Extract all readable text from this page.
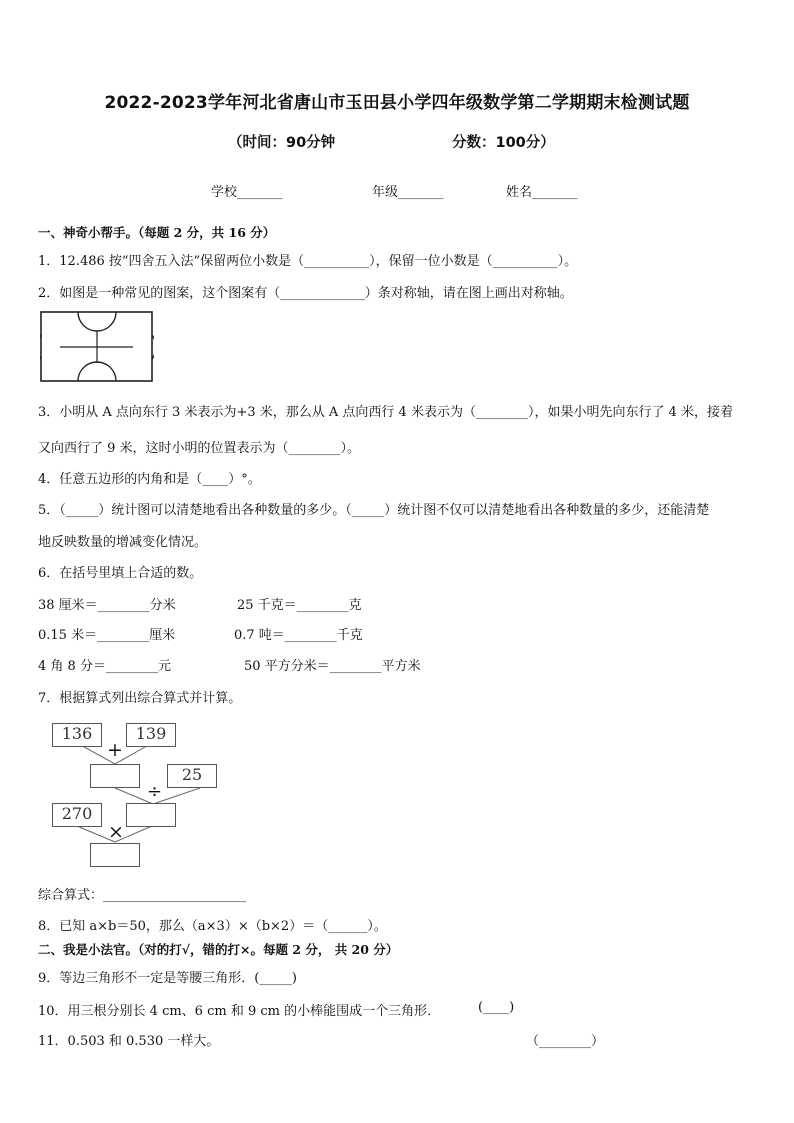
2022-2023学年河北省唐山市玉田县小学四年级数学第二学期期末检测试题
（时间：90分钟	分数：100分）
学校_______	年级_______	姓名_______
一、神奇小帮手。（每题 2 分，共 16 分）
1．12.486 按“四舍五入法”保留两位小数是（__________），保留一位小数是（__________）。
2．如图是一种常见的图案，这个图案有（_____________）条对称轴，请在图上画出对称轴。
3．小明从 A 点向东行 3 米表示为+3 米，那么从 A 点向西行 4 米表示为（________），如果小明先向东行了 4 米，接着
又向西行了 9 米，这时小明的位置表示为（________）。
4．任意五边形的内角和是（____）°。
5．（_____）统计图可以清楚地看出各种数量的多少。（_____）统计图不仅可以清楚地看出各种数量的多少，还能清楚
地反映数量的增减变化情况。
6．在括号里填上合适的数。
38 厘米＝________分米	25 千克＝________克
0.15 米＝________厘米	0.7 吨＝________千克
4 角 8 分＝________元	50 平方分米＝________平方米
7．根据算式列出综合算式并计算。
136	139
+
25
÷
270
×
综合算式：______________________
8．已知 a×b＝50，那么（a×3）×（b×2）＝（______）。
二、我是小法官。（对的打√，错的打×。每题 2 分， 共 20 分）
9．等边三角形不一定是等腰三角形．(_____)
10．用三根分别长 4 cm、6 cm 和 9 cm 的小棒能围成一个三角形．	(____)
11．0.503 和 0.530 一样大。	（________）
